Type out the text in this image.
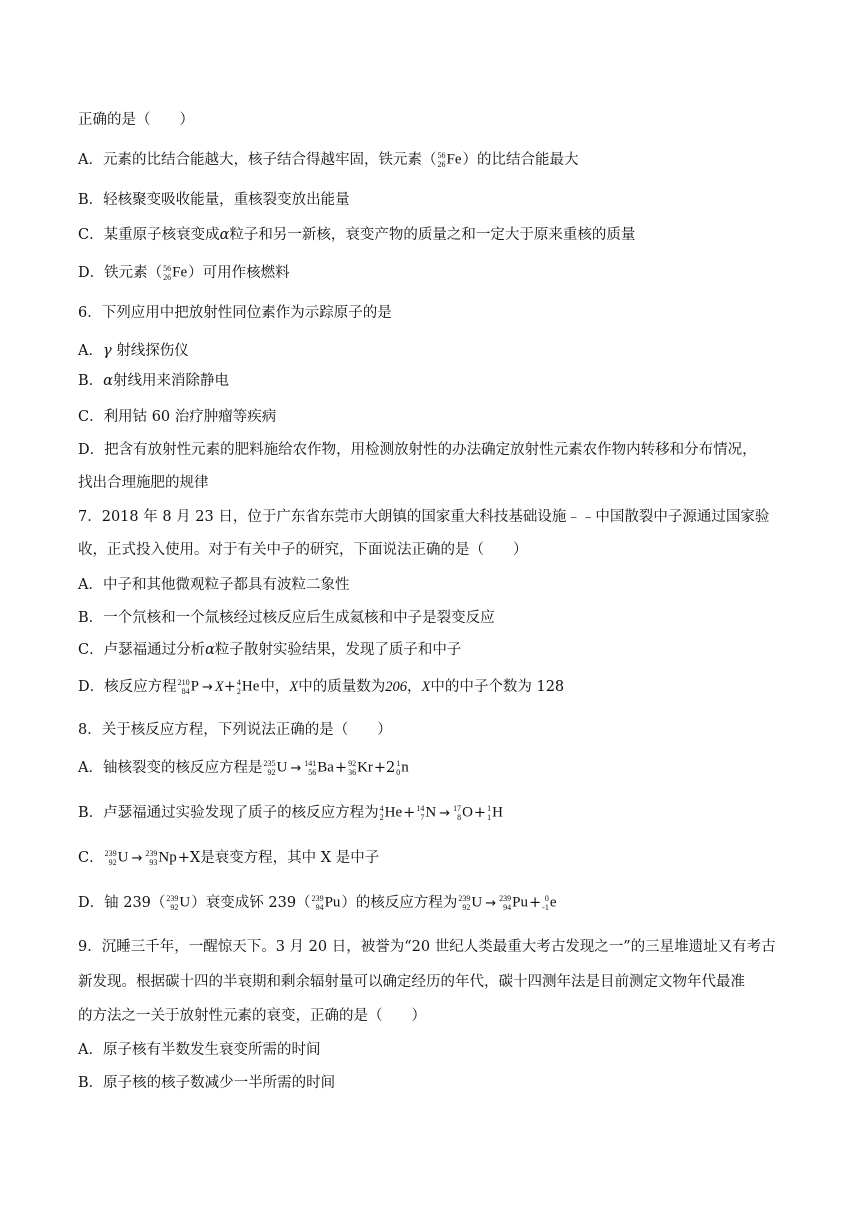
正确的是（　　）
A．元素的比结合能越大，核子结合得越牢固，铁元素（ 56
26 Fe）的比结合能最大
B．轻核聚变吸收能量，重核裂变放出能量
C．某重原子核衰变成α粒子和另一新核，衰变产物的质量之和一定大于原来重核的质量
D．铁元素（ 56
26 Fe）可用作核燃料
6．下列应用中把放射性同位素作为示踪原子的是
A．γ 射线探伤仪
B．α射线用来消除静电
C．利用钴 60 治疗肿瘤等疾病
D．把含有放射性元素的肥料施给农作物，用检测放射性的办法确定放射性元素农作物内转移和分布情况，
找出合理施肥的规律
7．2018 年 8 月 23 日，位于广东省东莞市大朗镇的国家重大科技基础设施﹣﹣中国散裂中子源通过国家验
收，正式投入使用。对于有关中子的研究，下面说法正确的是（　　）
A．中子和其他微观粒子都具有波粒二象性
B．一个氘核和一个氚核经过核反应后生成氦核和中子是裂变反应
C．卢瑟福通过分析α粒子散射实验结果，发现了质子和中子
D．核反应方程 210
84 P → X+ 4
2 He中，X中的质量数为206，X中的中子个数为 128
8．关于核反应方程，下列说法正确的是（　　）
A．铀核裂变的核反应方程是 235
92 U → 141
56 Ba+ 92
36 Kr+2 1
0 n
B．卢瑟福通过实验发现了质子的核反应方程为 4
2 He+ 14
7 N → 17
8 O+ 1
1 H
C． 239
92 U → 239
93 Np+X是衰变方程，其中 X 是中子
D．铀 239（ 239
92 U）衰变成钚 239（ 239
94 Pu）的核反应方程为 239
92 U → 239
94 Pu+ 0
-1 e
9．沉睡三千年，一醒惊天下。3 月 20 日，被誉为“20 世纪人类最重大考古发现之一”的三星堆遗址又有考古
新发现。根据碳十四的半衰期和剩余辐射量可以确定经历的年代，碳十四测年法是目前测定文物年代最准
的方法之一关于放射性元素的衰变，正确的是（　　）
A．原子核有半数发生衰变所需的时间
B．原子核的核子数减少一半所需的时间
